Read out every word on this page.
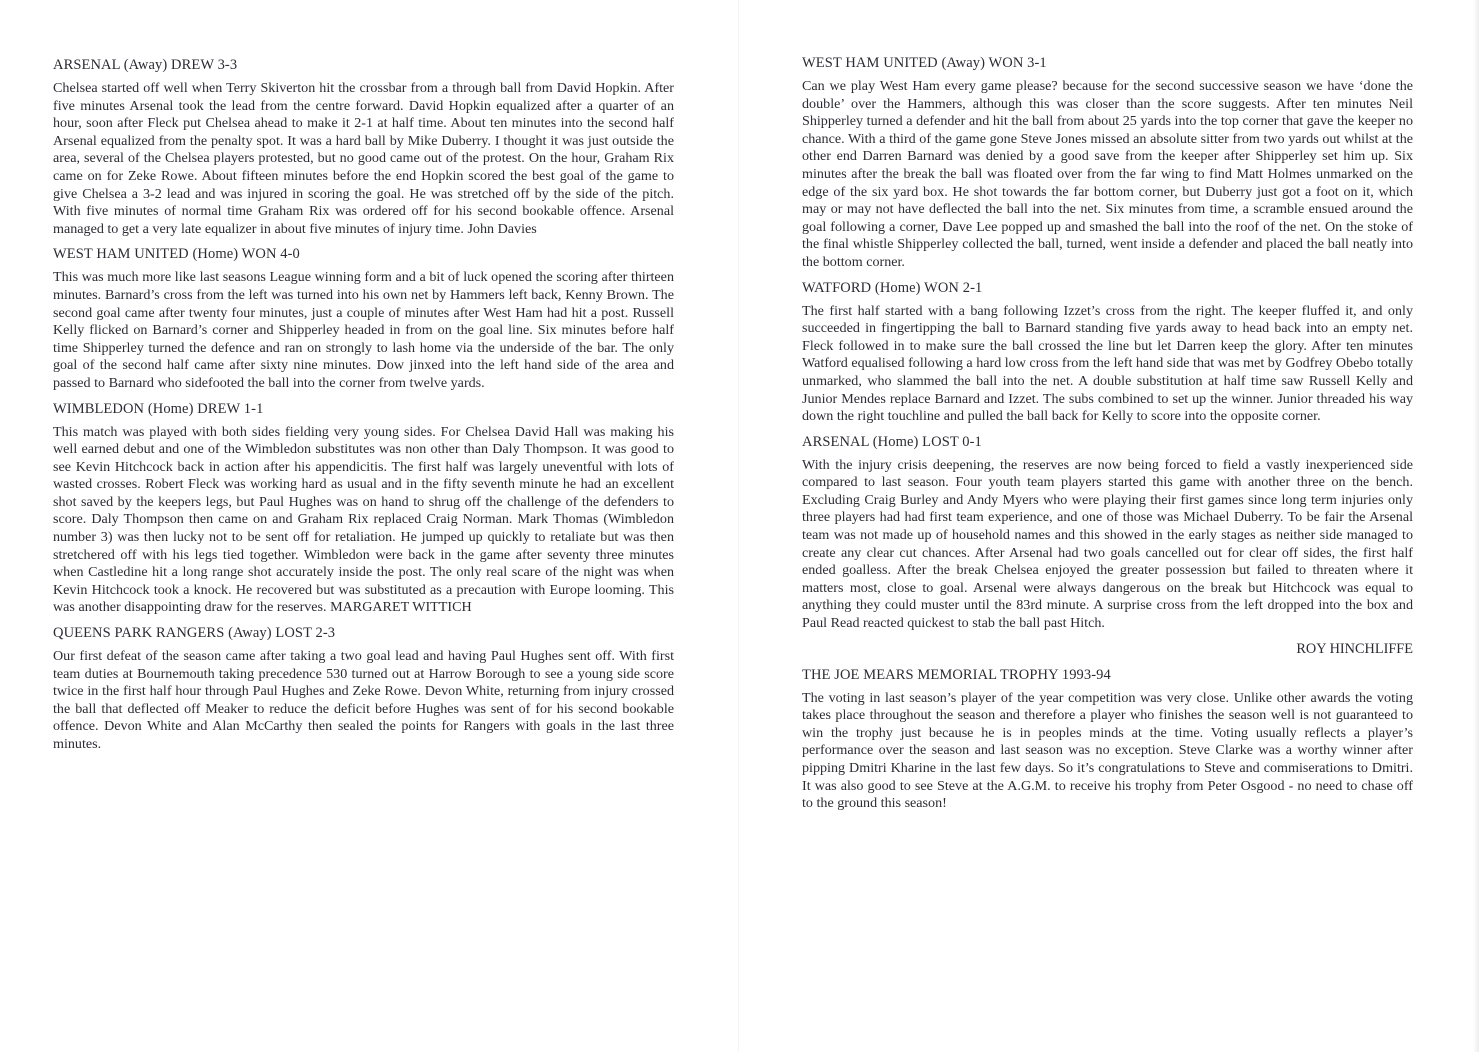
ARSENAL (Away) DREW 3-3

Chelsea started off well when Terry Skiverton hit the crossbar from a through ball from David Hopkin. After five minutes Arsenal took the lead from the centre forward. David Hopkin equalized after a quarter of an hour, soon after Fleck put Chelsea ahead to make it 2-1 at half time. About ten minutes into the second half Arsenal equalized from the penalty spot. It was a hard ball by Mike Duberry. I thought it was just outside the area, several of the Chelsea players protested, but no good came out of the protest. On the hour, Graham Rix came on for Zeke Rowe. About fifteen minutes before the end Hopkin scored the best goal of the game to give Chelsea a 3-2 lead and was injured in scoring the goal. He was stretched off by the side of the pitch. With five minutes of normal time Graham Rix was ordered off for his second bookable offence. Arsenal managed to get a very late equalizer in about five minutes of injury time. John Davies

WEST HAM UNITED (Home) WON 4-0

This was much more like last seasons League winning form and a bit of luck opened the scoring after thirteen minutes. Barnard’s cross from the left was turned into his own net by Hammers left back, Kenny Brown. The second goal came after twenty four minutes, just a couple of minutes after West Ham had hit a post. Russell Kelly flicked on Barnard’s corner and Shipperley headed in from on the goal line. Six minutes before half time Shipperley turned the defence and ran on strongly to lash home via the underside of the bar. The only goal of the second half came after sixty nine minutes. Dow jinxed into the left hand side of the area and passed to Barnard who sidefooted the ball into the corner from twelve yards.

WIMBLEDON (Home) DREW 1-1

This match was played with both sides fielding very young sides. For Chelsea David Hall was making his well earned debut and one of the Wimbledon substitutes was non other than Daly Thompson. It was good to see Kevin Hitchcock back in action after his appendicitis. The first half was largely uneventful with lots of wasted crosses. Robert Fleck was working hard as usual and in the fifty seventh minute he had an excellent shot saved by the keepers legs, but Paul Hughes was on hand to shrug off the challenge of the defenders to score. Daly Thompson then came on and Graham Rix replaced Craig Norman. Mark Thomas (Wimbledon number 3) was then lucky not to be sent off for retaliation. He jumped up quickly to retaliate but was then stretchered off with his legs tied together. Wimbledon were back in the game after seventy three minutes when Castledine hit a long range shot accurately inside the post. The only real scare of the night was when Kevin Hitchcock took a knock. He recovered but was substituted as a precaution with Europe looming. This was another disappointing draw for the reserves. MARGARET WITTICH

QUEENS PARK RANGERS (Away) LOST 2-3

Our first defeat of the season came after taking a two goal lead and having Paul Hughes sent off. With first team duties at Bournemouth taking precedence 530 turned out at Harrow Borough to see a young side score twice in the first half hour through Paul Hughes and Zeke Rowe. Devon White, returning from injury crossed the ball that deflected off Meaker to reduce the deficit before Hughes was sent of for his second bookable offence. Devon White and Alan McCarthy then sealed the points for Rangers with goals in the last three minutes.

WEST HAM UNITED (Away) WON 3-1

Can we play West Ham every game please? because for the second successive season we have ‘done the double’ over the Hammers, although this was closer than the score suggests. After ten minutes Neil Shipperley turned a defender and hit the ball from about 25 yards into the top corner that gave the keeper no chance. With a third of the game gone Steve Jones missed an absolute sitter from two yards out whilst at the other end Darren Barnard was denied by a good save from the keeper after Shipperley set him up. Six minutes after the break the ball was floated over from the far wing to find Matt Holmes unmarked on the edge of the six yard box. He shot towards the far bottom corner, but Duberry just got a foot on it, which may or may not have deflected the ball into the net. Six minutes from time, a scramble ensued around the goal following a corner, Dave Lee popped up and smashed the ball into the roof of the net. On the stoke of the final whistle Shipperley collected the ball, turned, went inside a defender and placed the ball neatly into the bottom corner.

WATFORD (Home) WON 2-1

The first half started with a bang following Izzet’s cross from the right. The keeper fluffed it, and only succeeded in fingertipping the ball to Barnard standing five yards away to head back into an empty net. Fleck followed in to make sure the ball crossed the line but let Darren keep the glory. After ten minutes Watford equalised following a hard low cross from the left hand side that was met by Godfrey Obebo totally unmarked, who slammed the ball into the net. A double substitution at half time saw Russell Kelly and Junior Mendes replace Barnard and Izzet. The subs combined to set up the winner. Junior threaded his way down the right touchline and pulled the ball back for Kelly to score into the opposite corner.

ARSENAL (Home) LOST 0-1

With the injury crisis deepening, the reserves are now being forced to field a vastly inexperienced side compared to last season. Four youth team players started this game with another three on the bench. Excluding Craig Burley and Andy Myers who were playing their first games since long term injuries only three players had had first team experience, and one of those was Michael Duberry. To be fair the Arsenal team was not made up of household names and this showed in the early stages as neither side managed to create any clear cut chances. After Arsenal had two goals cancelled out for clear off sides, the first half ended goalless. After the break Chelsea enjoyed the greater possession but failed to threaten where it matters most, close to goal. Arsenal were always dangerous on the break but Hitchcock was equal to anything they could muster until the 83rd minute. A surprise cross from the left dropped into the box and Paul Read reacted quickest to stab the ball past Hitch.

ROY HINCHLIFFE
THE JOE MEARS MEMORIAL TROPHY 1993-94

The voting in last season’s player of the year competition was very close. Unlike other awards the voting takes place throughout the season and therefore a player who finishes the season well is not guaranteed to win the trophy just because he is in peoples minds at the time. Voting usually reflects a player’s performance over the season and last season was no exception. Steve Clarke was a worthy winner after pipping Dmitri Kharine in the last few days. So it’s congratulations to Steve and commiserations to Dmitri. It was also good to see Steve at the A.G.M. to receive his trophy from Peter Osgood - no need to chase off to the ground this season!
